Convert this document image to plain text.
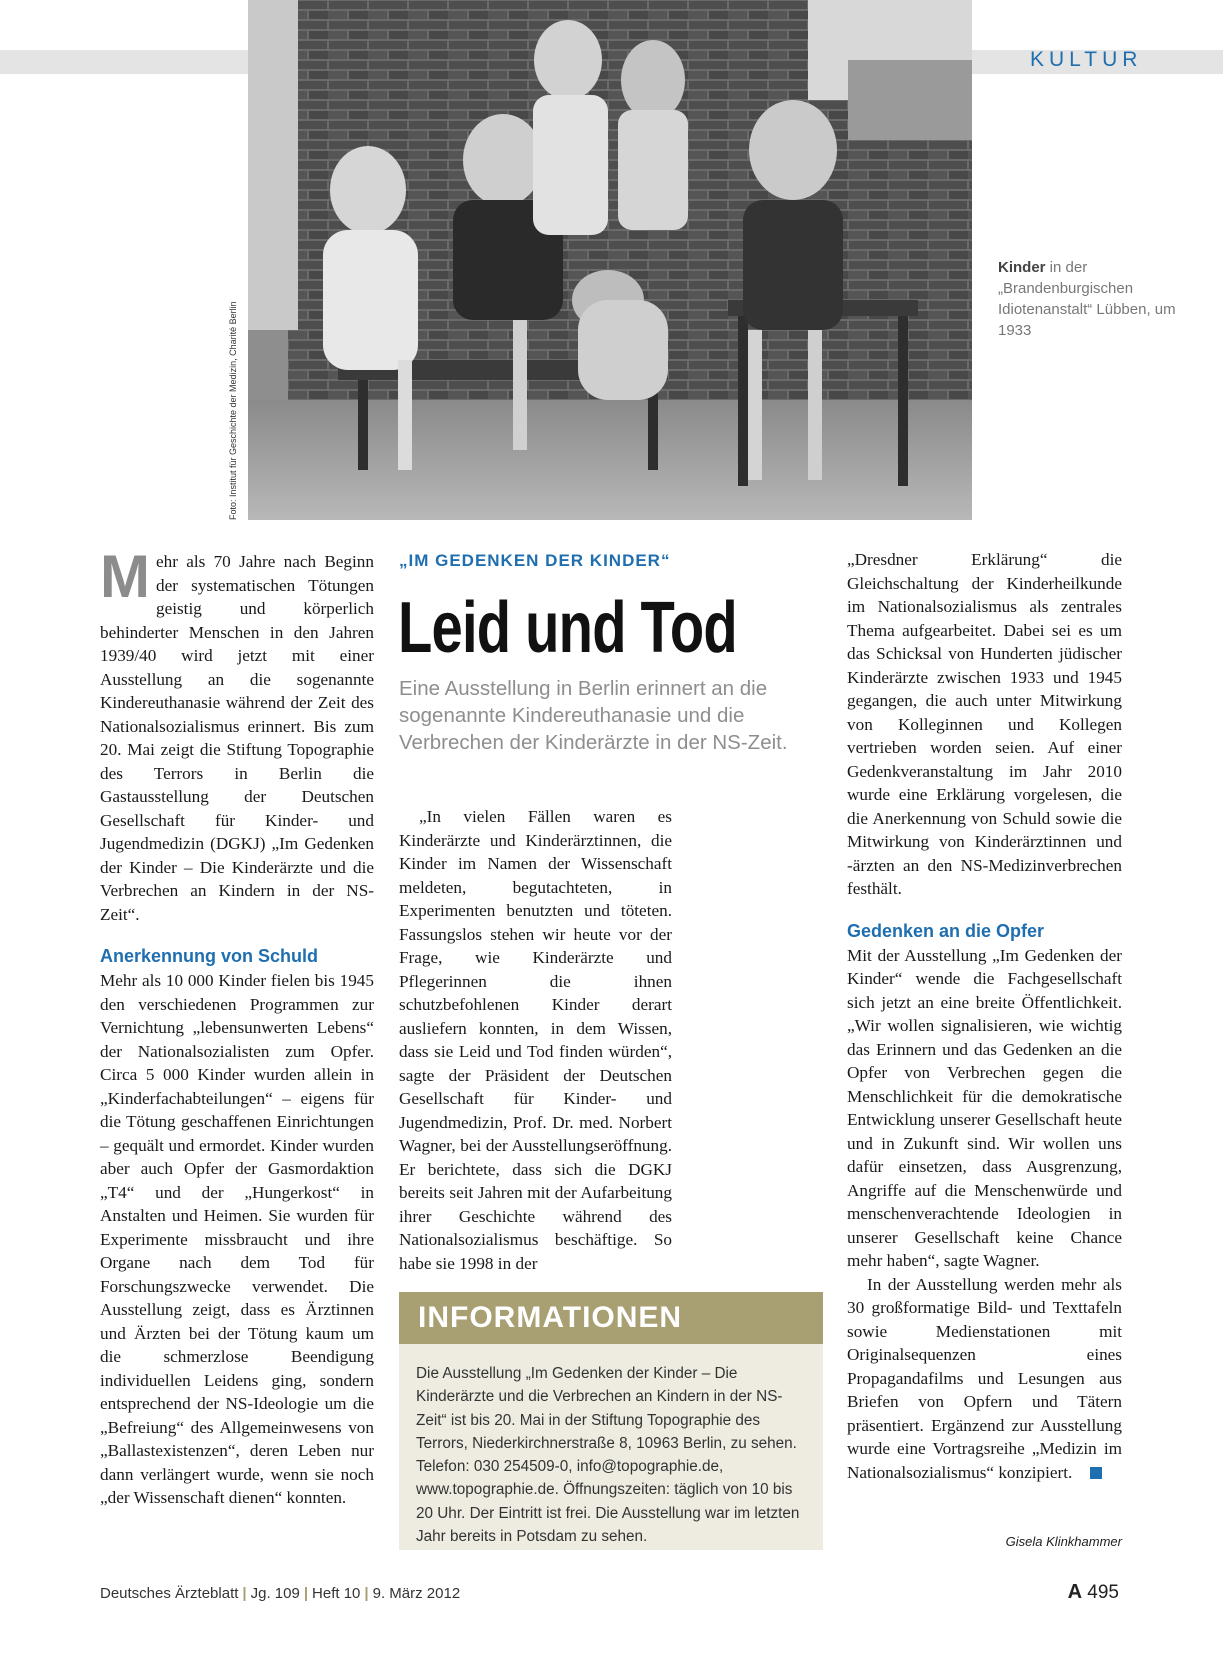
KULTUR
Foto: Institut für Geschichte der Medizin, Charité Berlin
Kinder in der „Brandenburgischen Idiotenanstalt“ Lübben, um 1933
M ehr als 70 Jahre nach Beginn der systematischen Tötungen geistig und körperlich behinderter Menschen in den Jahren 1939/40 wird jetzt mit einer Ausstellung an die sogenannte Kindereuthanasie während der Zeit des Nationalsozialismus erinnert. Bis zum 20. Mai zeigt die Stiftung Topographie des Terrors in Berlin die Gastausstellung der Deutschen Gesellschaft für Kinder- und Jugendmedizin (DGKJ) „Im Gedenken der Kinder – Die Kinderärzte und die Verbrechen an Kindern in der NS-Zeit“.

Anerkennung von Schuld

Mehr als 10 000 Kinder fielen bis 1945 den verschiedenen Programmen zur Vernichtung „lebensunwerten Lebens“ der Nationalsozialisten zum Opfer. Circa 5 000 Kinder wurden allein in „Kinderfachabteilungen“ – eigens für die Tötung geschaffenen Einrichtungen – gequält und ermordet. Kinder wurden aber auch Opfer der Gasmordaktion „T4“ und der „Hungerkost“ in Anstalten und Heimen. Sie wurden für Experimente missbraucht und ihre Organe nach dem Tod für Forschungszwecke verwendet. Die Ausstellung zeigt, dass es Ärztinnen und Ärzten bei der Tötung kaum um die schmerzlose Beendigung individuellen Leidens ging, sondern entsprechend der NS-Ideologie um die „Befreiung“ des Allgemeinwesens von „Ballastexistenzen“, deren Leben nur dann verlängert wurde, wenn sie noch „der Wissenschaft dienen“ konnten.

„IM GEDENKEN DER KINDER“
Leid und Tod
Eine Ausstellung in Berlin erinnert an die sogenannte Kindereuthanasie und die Verbrechen der Kinderärzte in der NS-Zeit.

„In vielen Fällen waren es Kinderärzte und Kinderärztinnen, die Kinder im Namen der Wissenschaft meldeten, begutachteten, in Experimenten benutzten und töteten. Fassungslos stehen wir heute vor der Frage, wie Kinderärzte und Pflegerinnen die ihnen schutzbefohlenen Kinder derart ausliefern konnten, in dem Wissen, dass sie Leid und Tod finden würden“, sagte der Präsident der Deutschen Gesellschaft für Kinder- und Jugendmedizin, Prof. Dr. med. Norbert Wagner, bei der Ausstellungseröffnung. Er berichtete, dass sich die DGKJ bereits seit Jahren mit der Aufarbeitung ihrer Geschichte während des Nationalsozialismus beschäftige. So habe sie 1998 in der

INFORMATIONEN
Die Ausstellung „Im Gedenken der Kinder – Die Kinderärzte und die Verbrechen an Kindern in der NS-Zeit“ ist bis 20. Mai in der Stiftung Topographie des Terrors, Niederkirchnerstraße 8, 10963 Berlin, zu sehen. Telefon: 030 254509-0, info@topographie.de, www.topographie.de. Öffnungszeiten: täglich von 10 bis 20 Uhr. Der Eintritt ist frei. Die Ausstellung war im letzten Jahr bereits in Potsdam zu sehen.

„Dresdner Erklärung“ die Gleichschaltung der Kinderheilkunde im Nationalsozialismus als zentrales Thema aufgearbeitet. Dabei sei es um das Schicksal von Hunderten jüdischer Kinderärzte zwischen 1933 und 1945 gegangen, die auch unter Mitwirkung von Kolleginnen und Kollegen vertrieben worden seien. Auf einer Gedenkveranstaltung im Jahr 2010 wurde eine Erklärung vorgelesen, die die Anerkennung von Schuld sowie die Mitwirkung von Kinderärztinnen und -ärzten an den NS-Medizinverbrechen festhält.

Gedenken an die Opfer

Mit der Ausstellung „Im Gedenken der Kinder“ wende die Fachgesellschaft sich jetzt an eine breite Öffentlichkeit. „Wir wollen signalisieren, wie wichtig das Erinnern und das Gedenken an die Opfer von Verbrechen gegen die Menschlichkeit für die demokratische Entwicklung unserer Gesellschaft heute und in Zukunft sind. Wir wollen uns dafür einsetzen, dass Ausgrenzung, Angriffe auf die Menschenwürde und menschenverachtende Ideologien in unserer Gesellschaft keine Chance mehr haben“, sagte Wagner.

In der Ausstellung werden mehr als 30 großformatige Bild- und Texttafeln sowie Medienstationen mit Originalsequenzen eines Propagandafilms und Lesungen aus Briefen von Opfern und Tätern präsentiert. Ergänzend zur Ausstellung wurde eine Vortragsreihe „Medizin im Nationalsozialismus“ konzipiert.

Gisela Klinkhammer
Deutsches Ärzteblatt | Jg. 109 | Heft 10 | 9. März 2012	A 495
